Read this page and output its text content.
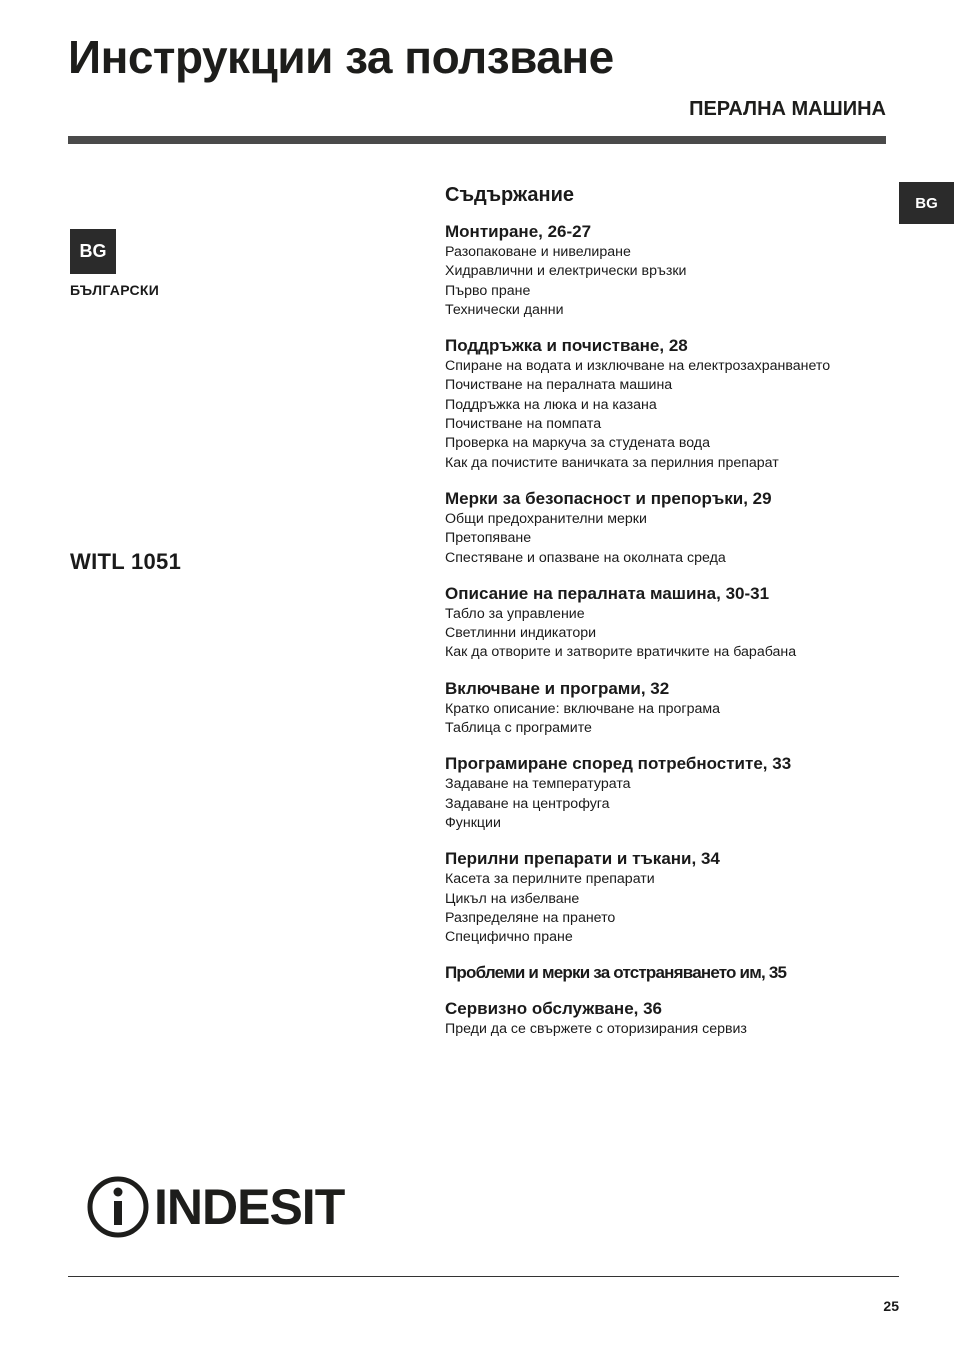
Инструкции за ползване
ПЕРАЛНА МАШИНА
BG
BG
БЪЛГАРСКИ
WITL 1051
Съдържание
Монтиране, 26-27
Разопаковане и нивелиране
Хидравлични и електрически връзки
Първо пране
Технически данни
Поддръжка и почистване, 28
Спиране на водата и изключване на електрозахранването
Почистване на пералната машина
Поддръжка на люка и на казана
Почистване на помпата
Проверка на маркуча за студената вода
Как да почистите ваничката за перилния препарат
Мерки за безопасност и препоръки, 29
Общи предохранителни мерки
Претопяване
Спестяване и опазване на околната среда
Описание на пералната машина, 30-31
Табло за управление
Светлинни индикатори
Как да отворите и затворите вратичките на барабана
Включване и програми, 32
Кратко описание: включване на програма
Таблица с програмите
Програмиране според потребностите, 33
Задаване на температурата
Задаване на центрофуга
Функции
Перилни препарати и тъкани, 34
Касета за перилните препарати
Цикъл на избелване
Разпределяне на прането
Специфично пране
Проблеми и мерки за отстраняването им, 35
Сервизно обслужване, 36
Преди да се свържете с оторизирания сервиз
INDESIT
25
